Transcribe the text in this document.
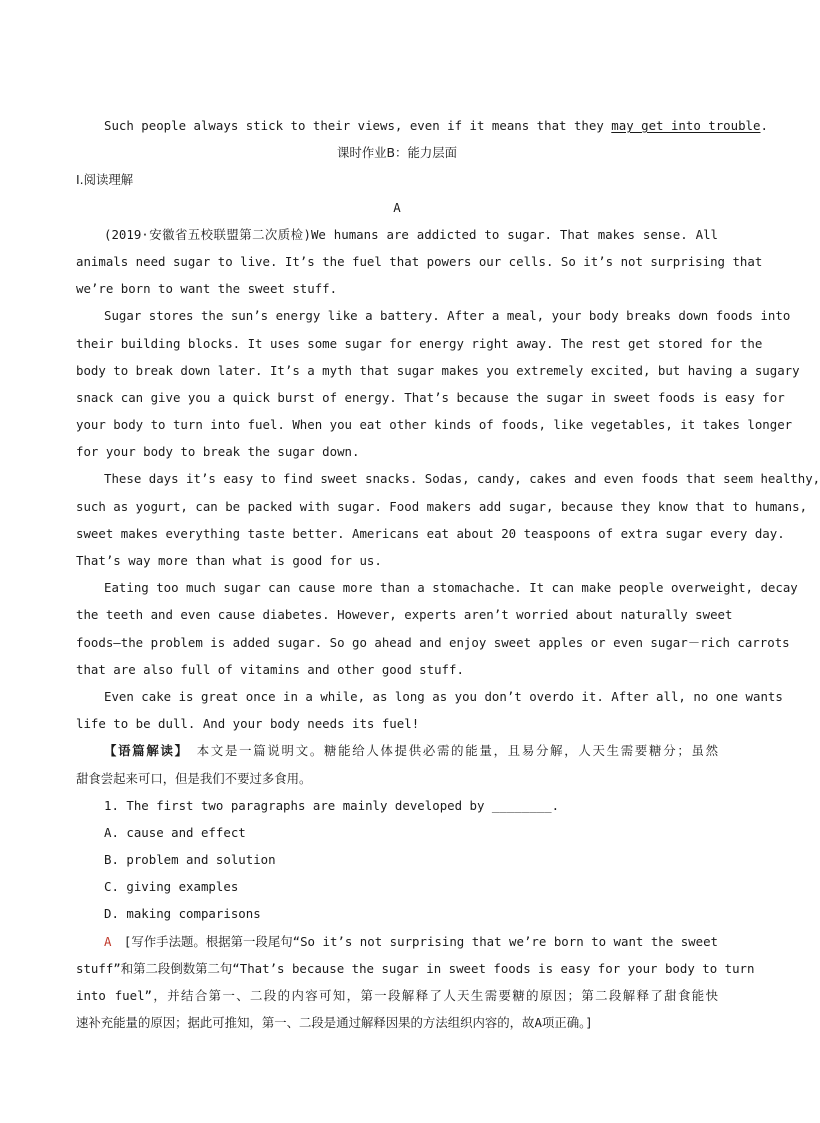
Such people always stick to their views, even if it means that they may get into trouble.
课时作业B：能力层面
Ⅰ.阅读理解
A
(2019·安徽省五校联盟第二次质检)We humans are addicted to sugar. That makes sense. All
animals need sugar to live. It’s the fuel that powers our cells. So it’s not surprising that
we’re born to want the sweet stuff.
Sugar stores the sun’s energy like a battery. After a meal, your body breaks down foods into
their building blocks. It uses some sugar for energy right away. The rest get stored for the
body to break down later. It’s a myth that sugar makes you extremely excited, but having a sugary
snack can give you a quick burst of energy. That’s because the sugar in sweet foods is easy for
your body to turn into fuel. When you eat other kinds of foods, like vegetables, it takes longer
for your body to break the sugar down.
These days it’s easy to find sweet snacks. Sodas, candy, cakes and even foods that seem healthy,
such as yogurt, can be packed with sugar. Food makers add sugar, because they know that to humans,
sweet makes everything taste better. Americans eat about 20 teaspoons of extra sugar every day.
That’s way more than what is good for us.
Eating too much sugar can cause more than a stomachache. It can make people overweight, decay
the teeth and even cause diabetes. However, experts aren’t worried about naturally sweet
foods—the problem is added sugar. So go ahead and enjoy sweet apples or even sugar－rich carrots
that are also full of vitamins and other good stuff.
Even cake is great once in a while, as long as you don’t overdo it. After all, no one wants
life to be dull. And your body needs its fuel!
【语篇解读】　本文是一篇说明文。糖能给人体提供必需的能量，且易分解，人天生需要糖分；虽然
甜食尝起来可口，但是我们不要过多食用。
1. The first two paragraphs are mainly developed by ________.
A. cause and effect
B. problem and solution
C. giving examples
D. making comparisons
A　[写作手法题。根据第一段尾句“So it’s not surprising that we’re born to want the sweet
stuff”和第二段倒数第二句“That’s because the sugar in sweet foods is easy for your body to turn
into fuel”，并结合第一、二段的内容可知，第一段解释了人天生需要糖的原因；第二段解释了甜食能快
速补充能量的原因；据此可推知，第一、二段是通过解释因果的方法组织内容的，故A项正确。]
